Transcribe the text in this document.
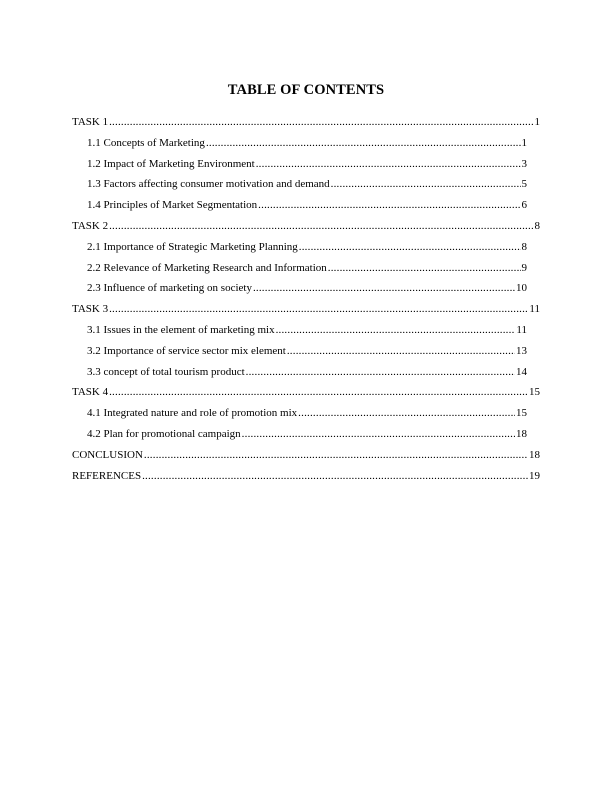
TABLE OF CONTENTS
TASK 1 .....	1
1.1 Concepts of Marketing .....	1
1.2 Impact of Marketing Environment .....	3
1.3 Factors affecting consumer motivation and demand .....	5
1.4 Principles of Market Segmentation .....	6
TASK 2 .....	8
2.1 Importance of Strategic Marketing Planning .....	8
2.2 Relevance of Marketing Research and Information .....	9
2.3 Influence of marketing on society .....	10
TASK 3 .....	11
3.1 Issues in the element of marketing mix .....	11
3.2 Importance of service sector mix element .....	13
3.3 concept of total tourism product .....	14
TASK 4 .....	15
4.1 Integrated nature and role of promotion mix .....	15
4.2 Plan for promotional campaign .....	18
CONCLUSION .....	18
REFERENCES .....	19
